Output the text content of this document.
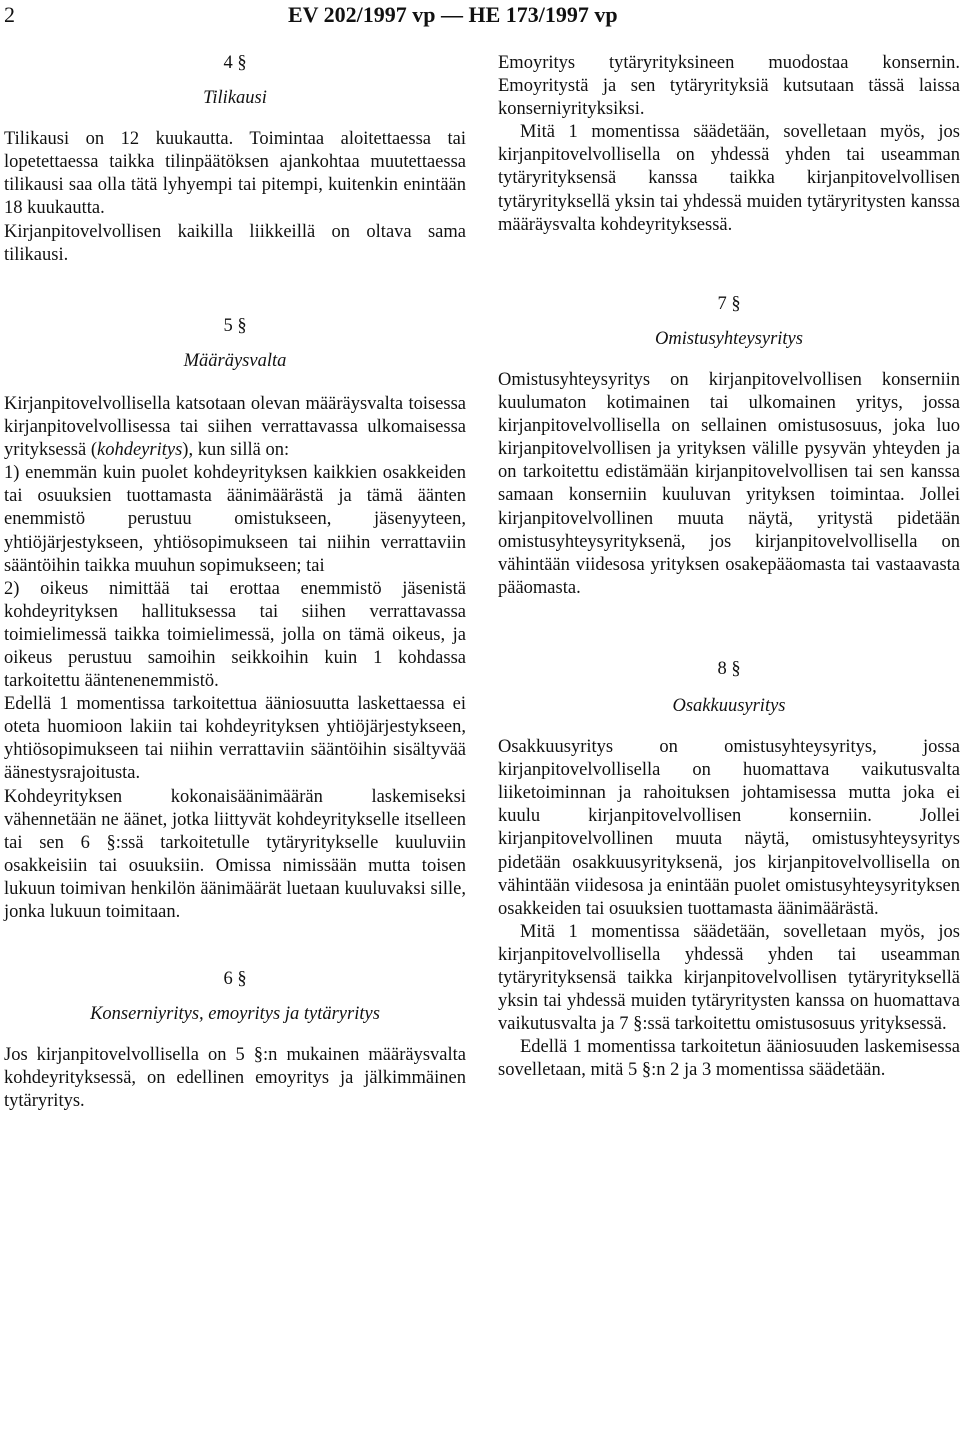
2	EV 202/1997 vp — HE 173/1997 vp

4 §

Tilikausi

Tilikausi on 12 kuukautta. Toimintaa aloitettaessa tai lopetettaessa taikka tilinpäätöksen ajankohtaa muutettaessa tilikausi saa olla tätä lyhyempi tai pitempi, kuitenkin enintään 18 kuukautta.

Kirjanpitovelvollisen kaikilla liikkeillä on oltava sama tilikausi.

5 §

Määräysvalta

Kirjanpitovelvollisella katsotaan olevan määräysvalta toisessa kirjanpitovelvollisessa tai siihen verrattavassa ulkomaisessa yrityksessä (kohdeyritys), kun sillä on:

1) enemmän kuin puolet kohdeyrityksen kaikkien osakkeiden tai osuuksien tuottamasta äänimäärästä ja tämä äänten enemmistö perustuu omistukseen, jäsenyyteen, yhtiöjärjestykseen, yhtiösopimukseen tai niihin verrattaviin sääntöihin taikka muuhun sopimukseen; tai

2) oikeus nimittää tai erottaa enemmistö jäsenistä kohdeyrityksen hallituksessa tai siihen verrattavassa toimielimessä taikka toimielimessä, jolla on tämä oikeus, ja oikeus perustuu samoihin seikkoihin kuin 1 kohdassa tarkoitettu ääntenenemmistö.

Edellä 1 momentissa tarkoitettua ääniosuutta laskettaessa ei oteta huomioon lakiin tai kohdeyrityksen yhtiöjärjestykseen, yhtiösopimukseen tai niihin verrattaviin sääntöihin sisältyvää äänestysrajoitusta.

Kohdeyrityksen kokonaisäänimäärän laskemiseksi vähennetään ne äänet, jotka liittyvät kohdeyritykselle itselleen tai sen 6 §:ssä tarkoitetulle tytäryritykselle kuuluviin osakkeisiin tai osuuksiin. Omissa nimissään mutta toisen lukuun toimivan henkilön äänimäärät luetaan kuuluvaksi sille, jonka lukuun toimitaan.

6 §

Konserniyritys, emoyritys ja tytäryritys

Jos kirjanpitovelvollisella on 5 §:n mukainen määräysvalta kohdeyrityksessä, on edellinen emoyritys ja jälkimmäinen tytäryritys.

Emoyritys tytäryrityksineen muodostaa konsernin. Emoyritystä ja sen tytäryrityksiä kutsutaan tässä laissa konserniyrityksiksi.

Mitä 1 momentissa säädetään, sovelletaan myös, jos kirjanpitovelvollisella on yhdessä yhden tai useamman tytäryrityksensä kanssa taikka kirjanpitovelvollisen tytäryrityksellä yksin tai yhdessä muiden tytäryritysten kanssa määräysvalta kohdeyrityksessä.

7 §

Omistusyhteysyritys

Omistusyhteysyritys on kirjanpitovelvollisen konserniin kuulumaton kotimainen tai ulkomainen yritys, jossa kirjanpitovelvollisella on sellainen omistusosuus, joka luo kirjanpitovelvollisen ja yrityksen välille pysyvän yhteyden ja on tarkoitettu edistämään kirjanpitovelvollisen tai sen kanssa samaan konserniin kuuluvan yrityksen toimintaa. Jollei kirjanpitovelvollinen muuta näytä, yritystä pidetään omistusyhteysyrityksenä, jos kirjanpitovelvollisella on vähintään viidesosa yrityksen osakepääomasta tai vastaavasta pääomasta.

8 §

Osakkuusyritys

Osakkuusyritys on omistusyhteysyritys, jossa kirjanpitovelvollisella on huomattava vaikutusvalta liiketoiminnan ja rahoituksen johtamisessa mutta joka ei kuulu kirjanpitovelvollisen konserniin. Jollei kirjanpitovelvollinen muuta näytä, omistusyhteysyritys pidetään osakkuusyrityksenä, jos kirjanpitovelvollisella on vähintään viidesosa ja enintään puolet omistusyhteysyrityksen osakkeiden tai osuuksien tuottamasta äänimäärästä.

Mitä 1 momentissa säädetään, sovelletaan myös, jos kirjanpitovelvollisella yhdessä yhden tai useamman tytäryrityksensä taikka kirjanpitovelvollisen tytäryrityksellä yksin tai yhdessä muiden tytäryritysten kanssa on huomattava vaikutusvalta ja 7 §:ssä tarkoitettu omistusosuus yrityksessä.

Edellä 1 momentissa tarkoitetun ääniosuuden laskemisessa sovelletaan, mitä 5 §:n 2 ja 3 momentissa säädetään.
